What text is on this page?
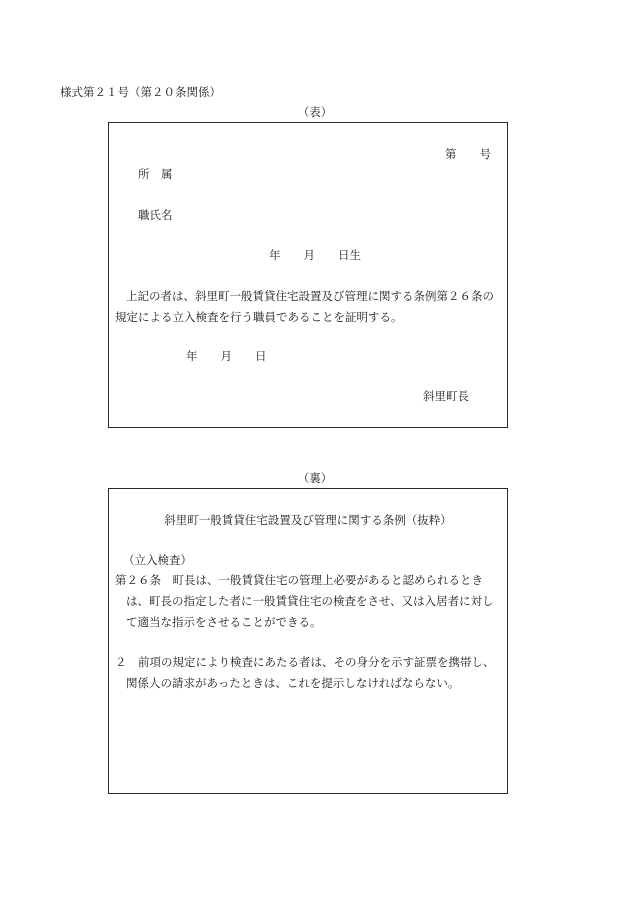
様式第２１号（第２０条関係）
（表）
第　　号
所　属
職氏名
年　　月　　日生
上記の者は、斜里町一般賃貸住宅設置及び管理に関する条例第２６条の
規定による立入検査を行う職員であることを証明する。
年　　月　　日
斜里町長
（裏）
斜里町一般賃貸住宅設置及び管理に関する条例（抜粋）
（立入検査）
第２６条　町長は、一般賃貸住宅の管理上必要があると認められるとき
は、町長の指定した者に一般賃貸住宅の検査をさせ、又は入居者に対し
て適当な指示をさせることができる。
２　前項の規定により検査にあたる者は、その身分を示す証票を携帯し、
関係人の請求があったときは、これを提示しなければならない。
